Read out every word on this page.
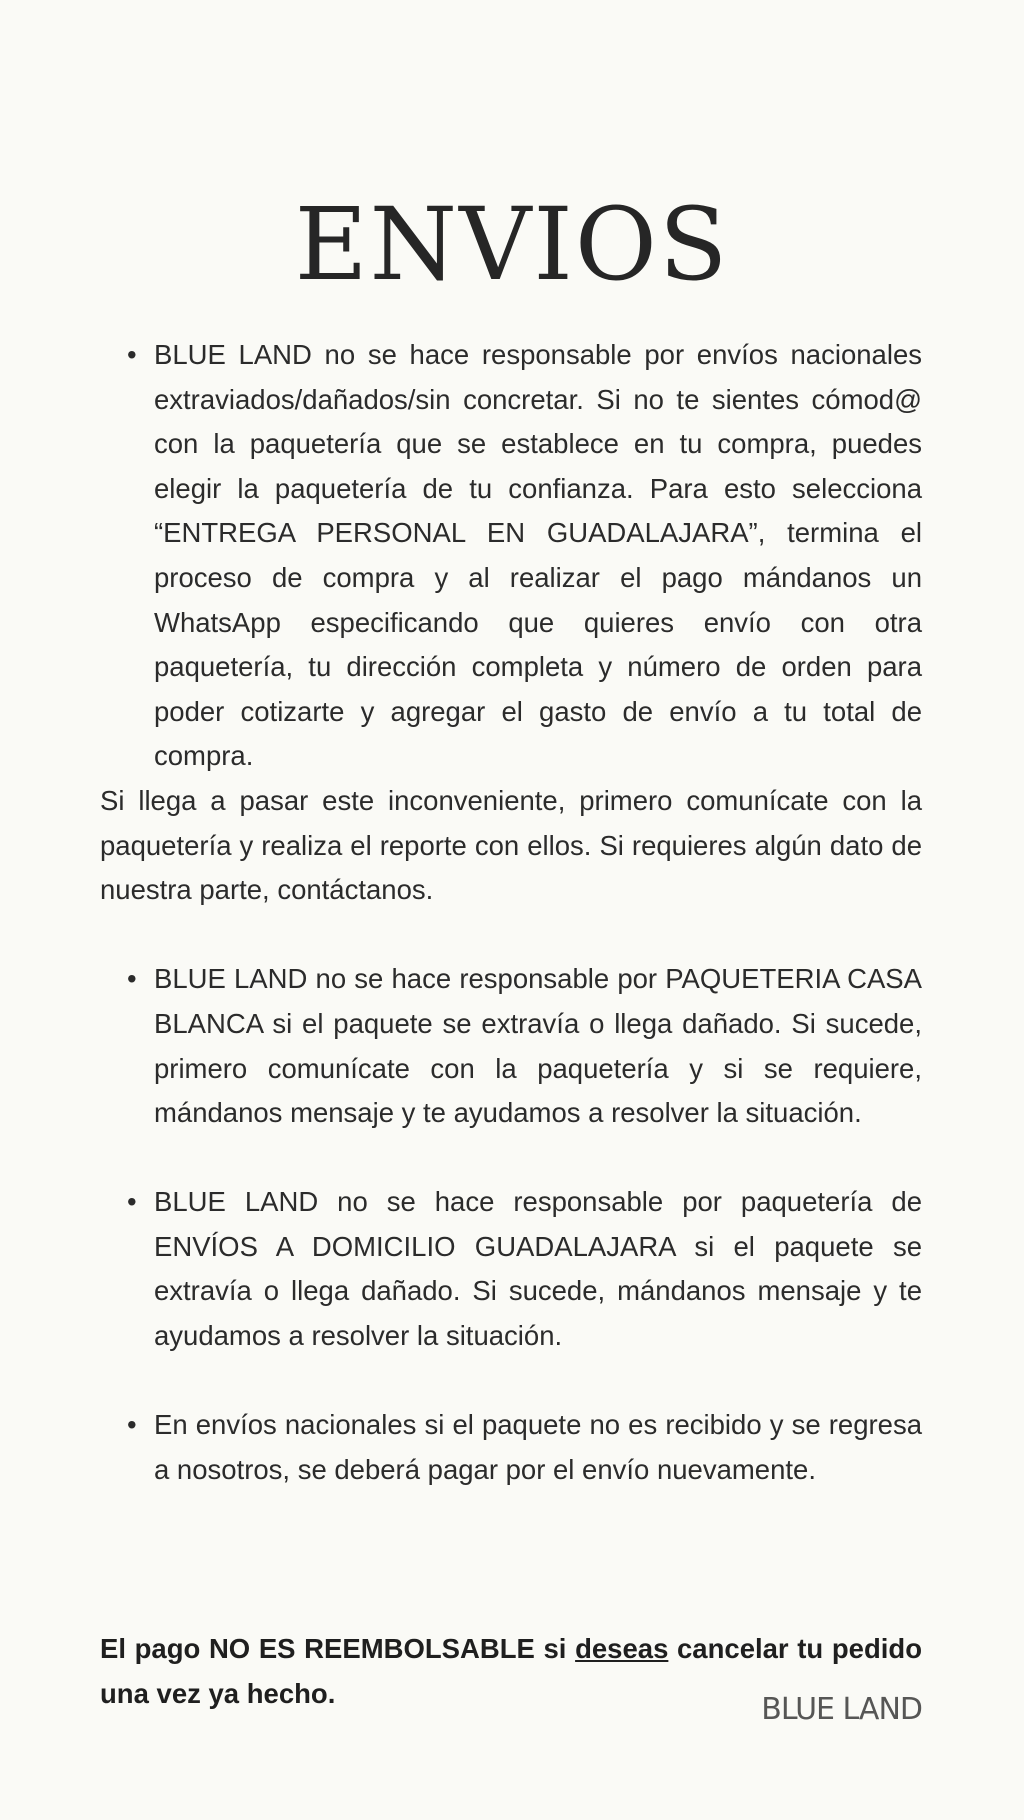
ENVIOS

• BLUE LAND no se hace responsable por envíos nacionales extraviados/dañados/sin concretar. Si no te sientes cómod@ con la paquetería que se establece en tu compra, puedes elegir la paquetería de tu confianza. Para esto selecciona “ENTREGA PERSONAL EN GUADALAJARA”, termina el proceso de compra y al realizar el pago mándanos un WhatsApp especificando que quieres envío con otra paquetería, tu dirección completa y número de orden para poder cotizarte y agregar el gasto de envío a tu total de compra.

Si llega a pasar este inconveniente, primero comunícate con la paquetería y realiza el reporte con ellos. Si requieres algún dato de nuestra parte, contáctanos.

• BLUE LAND no se hace responsable por PAQUETERIA CASA BLANCA si el paquete se extravía o llega dañado. Si sucede, primero comunícate con la paquetería y si se requiere, mándanos mensaje y te ayudamos a resolver la situación.

• BLUE LAND no se hace responsable por paquetería de ENVÍOS A DOMICILIO GUADALAJARA si el paquete se extravía o llega dañado. Si sucede, mándanos mensaje y te ayudamos a resolver la situación.

• En envíos nacionales si el paquete no es recibido y se regresa a nosotros, se deberá pagar por el envío nuevamente.

El pago NO ES REEMBOLSABLE si deseas cancelar tu pedido una vez ya hecho.	BLUE LAND
